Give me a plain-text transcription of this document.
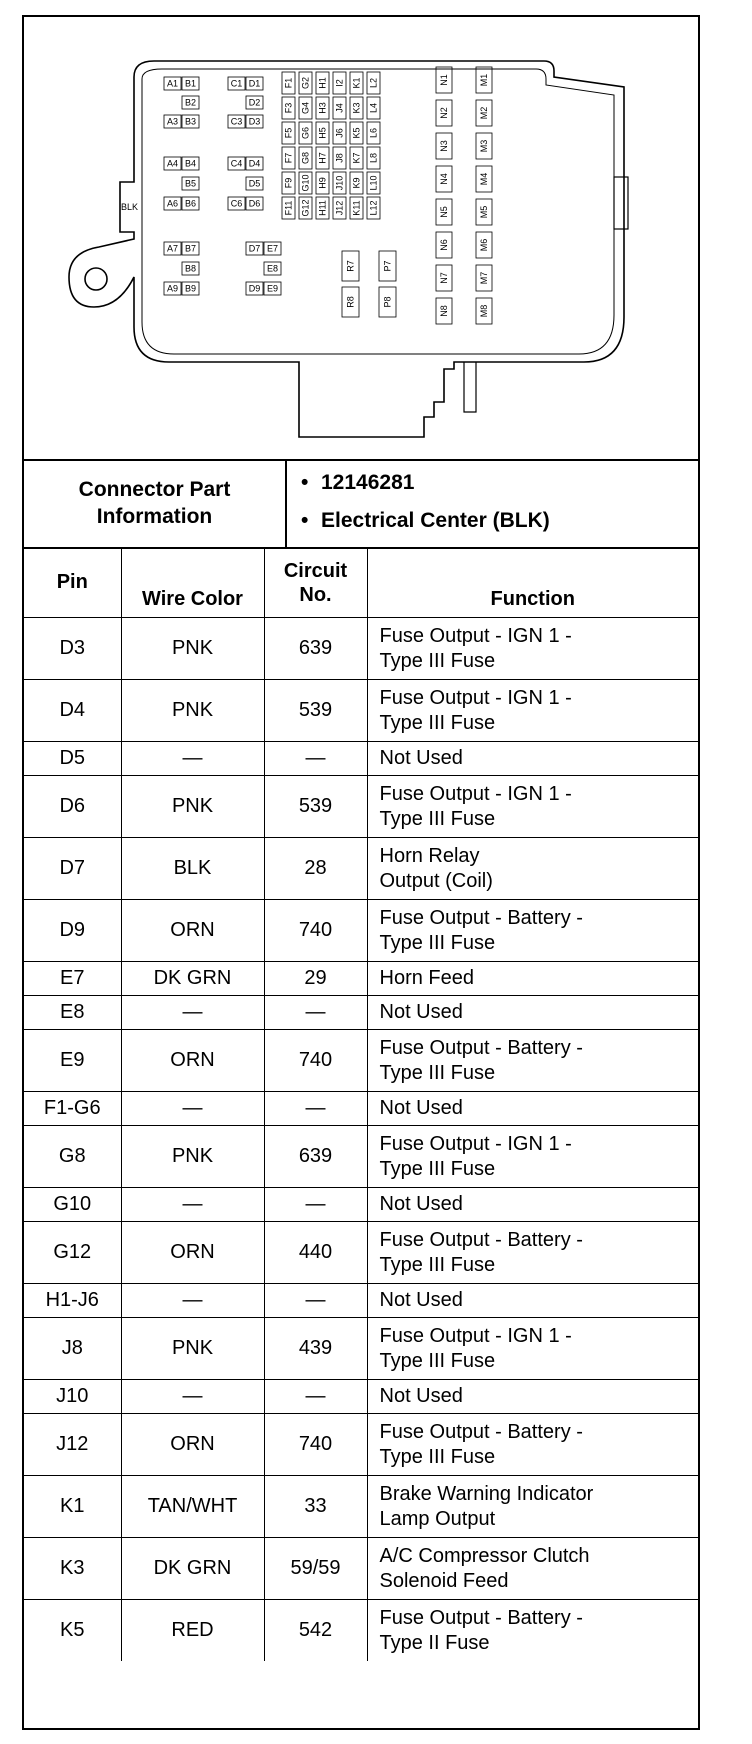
A1 B1
B2
A3 B3
A4 B4
B5
A6 B6
A7 B7
B8
A9 B9
C1 D1
D2
C3 D3
C4 D4
D5
C6 D6
D7 E7
E8
D9 E9
F1 G2 H1 I2 K1 L2
F3 G4 H3 J4 K3 L4
F5 G6 H5 J6 K5 L6
F7 G8 H7 J8 K7 L8
F9 G10 H9 J10 K9 L10
F11 G12 H11 J12 K11 L12
N1
N2
N3
N4
N5
N6
N7
N8
M1
M2
M3
M4
M5
M6
M7
M8
R7	P7
R8	P8
BLK
Connector Part Information
• 12146281
• Electrical Center (BLK)
Pin	Wire Color	Circuit No.	Function
D3	PNK	639	Fuse Output - IGN 1 -
Type III Fuse

D4	PNK	539	Fuse Output - IGN 1 -
Type III Fuse

D5	—	—	Not Used

D6	PNK	539	Fuse Output - IGN 1 -
Type III Fuse

D7	BLK	28	Horn Relay
Output (Coil)

D9	ORN	740	Fuse Output - Battery -
Type III Fuse

E7	DK GRN	29	Horn Feed

E8	—	—	Not Used

E9	ORN	740	Fuse Output - Battery -
Type III Fuse

F1-G6	—	—	Not Used

G8	PNK	639	Fuse Output - IGN 1 -
Type III Fuse

G10	—	—	Not Used

G12	ORN	440	Fuse Output - Battery -
Type III Fuse

H1-J6	—	—	Not Used

J8	PNK	439	Fuse Output - IGN 1 -
Type III Fuse

J10	—	—	Not Used

J12	ORN	740	Fuse Output - Battery -
Type III Fuse

K1	TAN/WHT	33	Brake Warning Indicator
Lamp Output

K3	DK GRN	59/59	A/C Compressor Clutch
Solenoid Feed

K5	RED	542	Fuse Output - Battery -
Type II Fuse
